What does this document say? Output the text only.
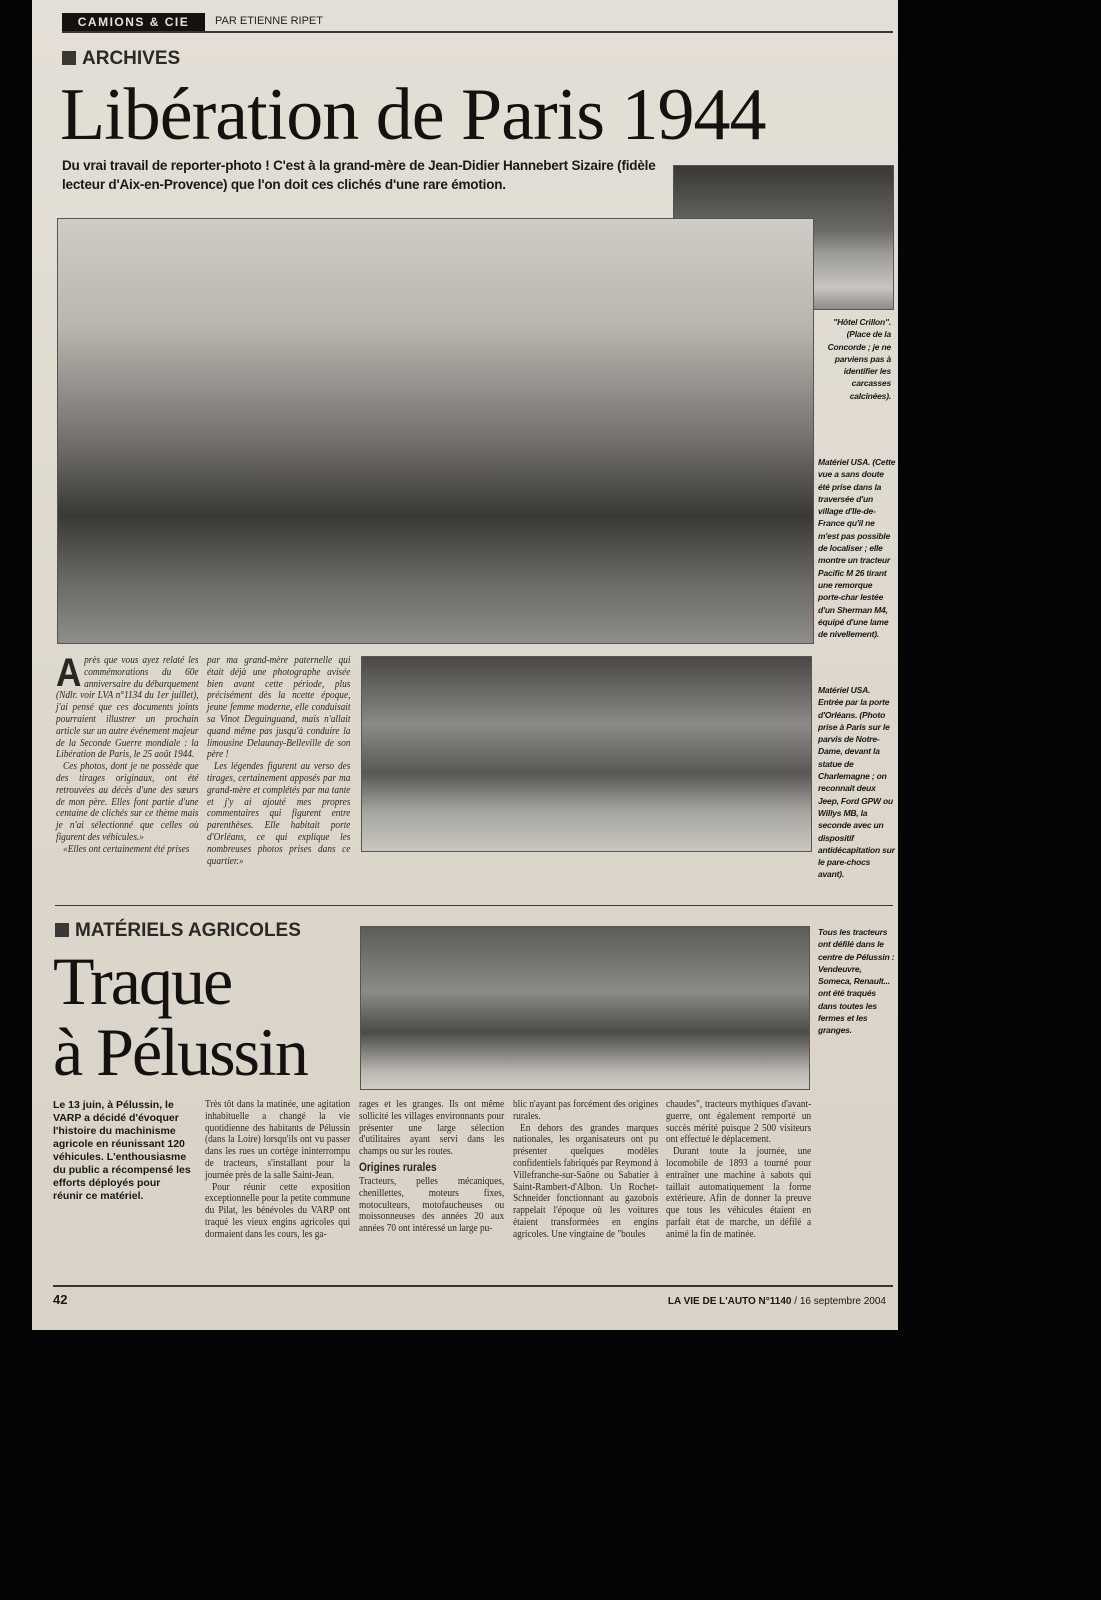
CAMIONS & CIE	PAR ETIENNE RIPET
ARCHIVES
Libération de Paris 1944
Du vrai travail de reporter-photo ! C'est à la grand-mère de Jean-Didier Hannebert Sizaire (fidèle lecteur d'Aix-en-Provence) que l'on doit ces clichés d'une rare émotion.
"Hôtel Crillon". (Place de la Concorde ; je ne parviens pas à identifier les carcasses calcinées).
Matériel USA. (Cette vue a sans doute été prise dans la traversée d'un village d'Ile-de-France qu'il ne m'est pas possible de localiser ; elle montre un tracteur Pacific M 26 tirant une remorque porte-char lestée d'un Sherman M4, équipé d'une lame de nivellement).
A près que vous ayez relaté les commémorations du 60e anniversaire du débarquement (Ndlr. voir LVA n°1134 du 1er juillet), j'ai pensé que ces documents joints pourraient illustrer un prochain article sur un autre événement majeur de la Seconde Guerre mondiale : la Libération de Paris, le 25 août 1944.

Ces photos, dont je ne possède que des tirages originaux, ont été retrouvées au décès d'une des sœurs de mon père. Elles font partie d'une centaine de clichés sur ce thème mais je n'ai sélectionné que celles où figurent des véhicules.»

«Elles ont certainement été prises

par ma grand-mère paternelle qui était déjà une photographe avisée bien avant cette période, plus précisément dès la ncette époque, jeune femme moderne, elle conduisait sa Vinot Deguinguand, mais n'allait quand même pas jusqu'à conduire la limousine Delaunay-Belleville de son père !

Les légendes figurent au verso des tirages, certainement apposés par ma grand-mère et complétés par ma tante et j'y ai ajouté mes propres commentaires qui figurent entre parenthèses. Elle habitait porte d'Orléans, ce qui explique les nombreuses photos prises dans ce quartier.»

Matériel USA. Entrée par la porte d'Orléans. (Photo prise à Paris sur le parvis de Notre-Dame, devant la statue de Charlemagne ; on reconnait deux Jeep, Ford GPW ou Willys MB, la seconde avec un dispositif antidécapitation sur le pare-chocs avant).
MATÉRIELS AGRICOLES
Traque
à Pélussin
Tous les tracteurs ont défilé dans le centre de Pélussin : Vendeuvre, Someca, Renault... ont été traqués dans toutes les fermes et les granges.
Le 13 juin, à Pélussin, le VARP a décidé d'évoquer l'histoire du machinisme agricole en réunissant 120 véhicules. L'enthousiasme du public a récompensé les efforts déployés pour réunir ce matériel.

Très tôt dans la matinée, une agitation inhabituelle a changé la vie quotidienne des habitants de Pélussin (dans la Loire) lorsqu'ils ont vu passer dans les rues un cortège ininterrompu de tracteurs, s'installant pour la journée près de la salle Saint-Jean.

Pour réunir cette exposition exceptionnelle pour la petite commune du Pilat, les bénévoles du VARP ont traqué les vieux engins agricoles qui dormaient dans les cours, les ga-

rages et les granges. Ils ont même sollicité les villages environnants pour présenter une large sélection d'utilitaires ayant servi dans les champs ou sur les routes.

Origines rurales

Tracteurs, pelles mécaniques, chenillettes, moteurs fixes, motoculteurs, motofaucheuses ou moissonneuses des années 20 aux années 70 ont intéressé un large pu-

blic n'ayant pas forcément des origines rurales.

En dehors des grandes marques nationales, les organisateurs ont pu présenter quelques modèles confidentiels fabriqués par Reymond à Villefranche-sur-Saône ou Sabatier à Saint-Rambert-d'Albon. Un Rochet-Schneider fonctionnant au gazobois rappelait l'époque où les voitures étaient transformées en engins agricoles. Une vingtaine de "boules

chaudes", tracteurs mythiques d'avant-guerre, ont également remporté un succès mérité puisque 2 500 visiteurs ont effectué le déplacement.

Durant toute la journée, une locomobile de 1893 a tourné pour entraîner une machine à sabots qui taillait automatiquement la forme extérieure. Afin de donner la preuve que tous les véhicules étaient en parfait état de marche, un défilé a animé la fin de matinée.

42	LA VIE DE L'AUTO N°1140 / 16 septembre 2004
